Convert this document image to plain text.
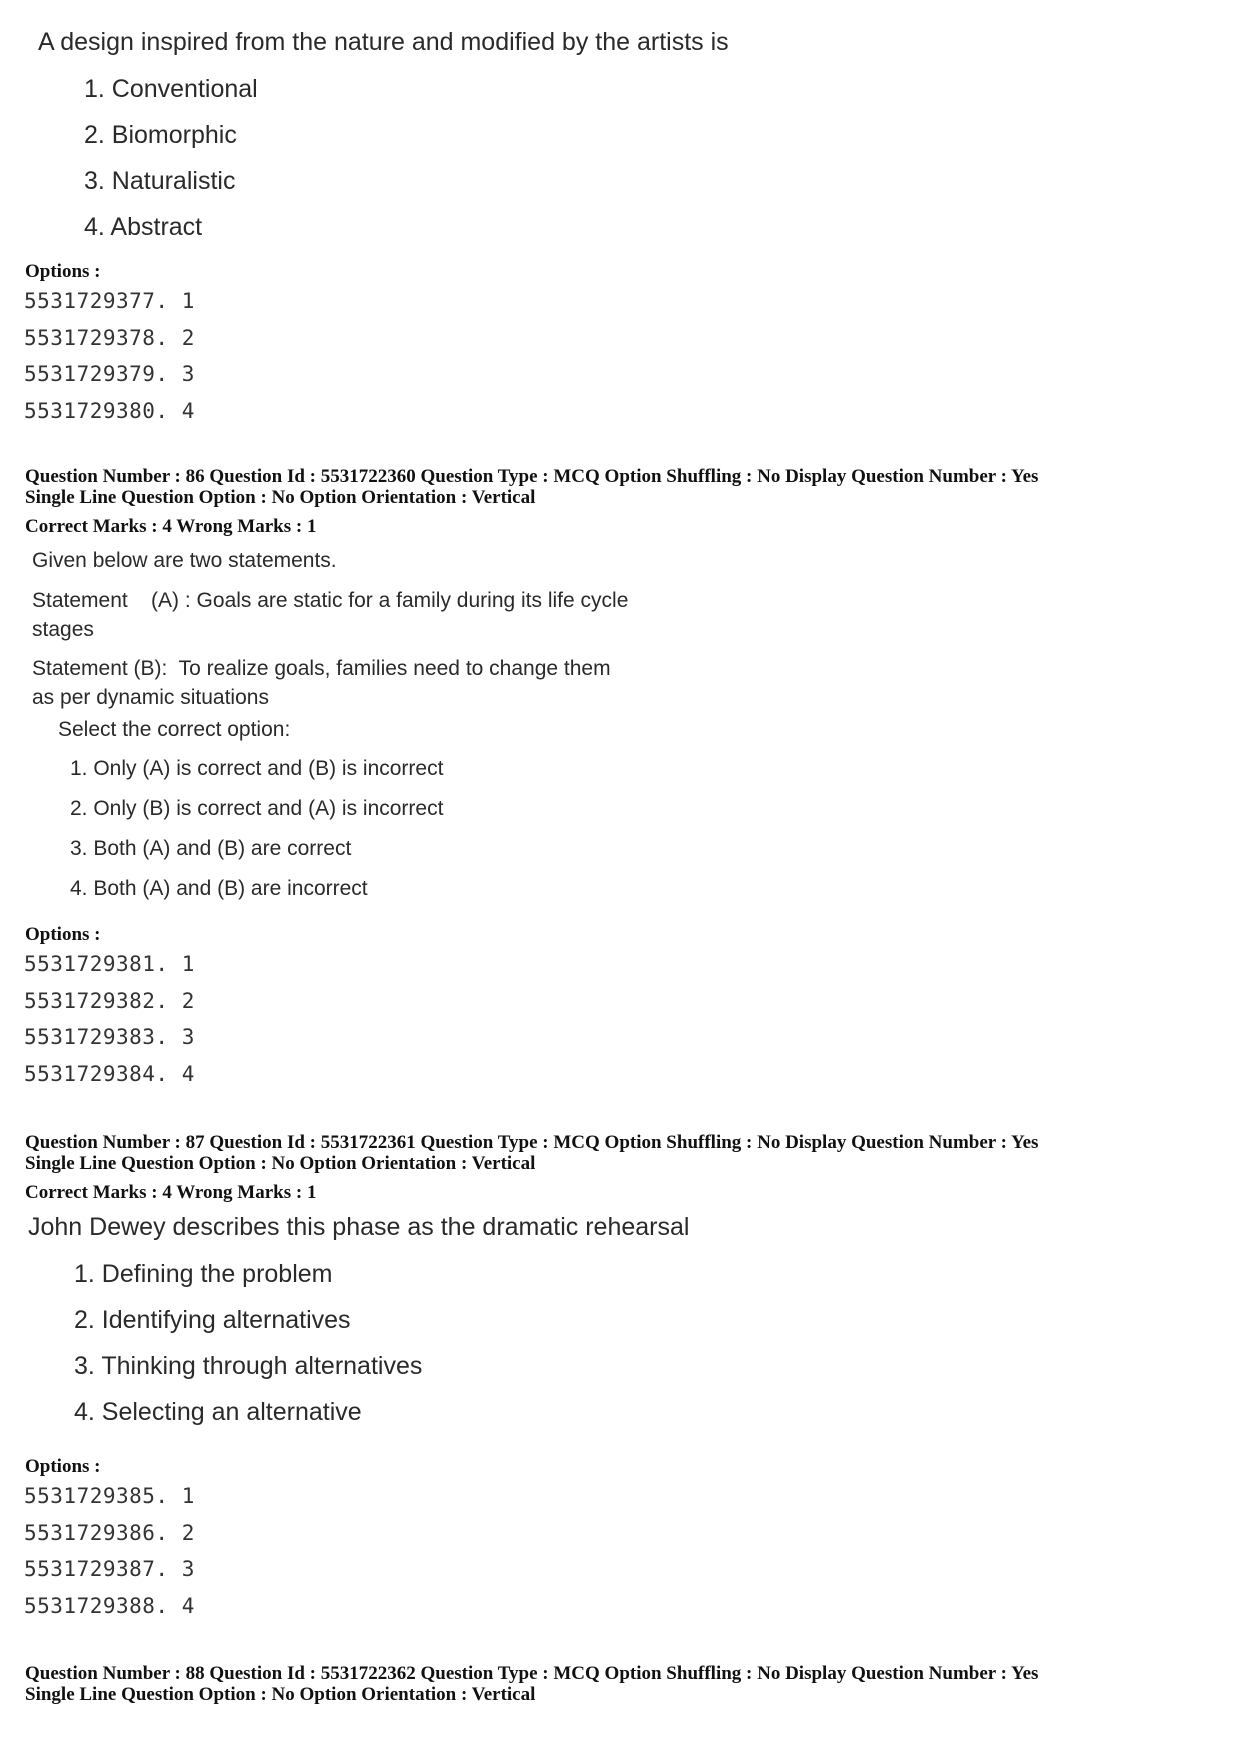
A design inspired from the nature and modified by the artists is
1. Conventional
2. Biomorphic
3. Naturalistic
4. Abstract
Options :
5531729377. 1
5531729378. 2
5531729379. 3
5531729380. 4
Question Number : 86 Question Id : 5531722360 Question Type : MCQ Option Shuffling : No Display Question Number : Yes
Single Line Question Option : No Option Orientation : Vertical
Correct Marks : 4 Wrong Marks : 1
Given below are two statements.
Statement    (A) : Goals are static for a family during its life cycle
stages
Statement (B):  To realize goals, families need to change them
as per dynamic situations
Select the correct option:
1. Only (A) is correct and (B) is incorrect
2. Only (B) is correct and (A) is incorrect
3. Both (A) and (B) are correct
4. Both (A) and (B) are incorrect
Options :
5531729381. 1
5531729382. 2
5531729383. 3
5531729384. 4
Question Number : 87 Question Id : 5531722361 Question Type : MCQ Option Shuffling : No Display Question Number : Yes
Single Line Question Option : No Option Orientation : Vertical
Correct Marks : 4 Wrong Marks : 1
John Dewey describes this phase as the dramatic rehearsal
1. Defining the problem
2. Identifying alternatives
3. Thinking through alternatives
4. Selecting an alternative
Options :
5531729385. 1
5531729386. 2
5531729387. 3
5531729388. 4
Question Number : 88 Question Id : 5531722362 Question Type : MCQ Option Shuffling : No Display Question Number : Yes
Single Line Question Option : No Option Orientation : Vertical
